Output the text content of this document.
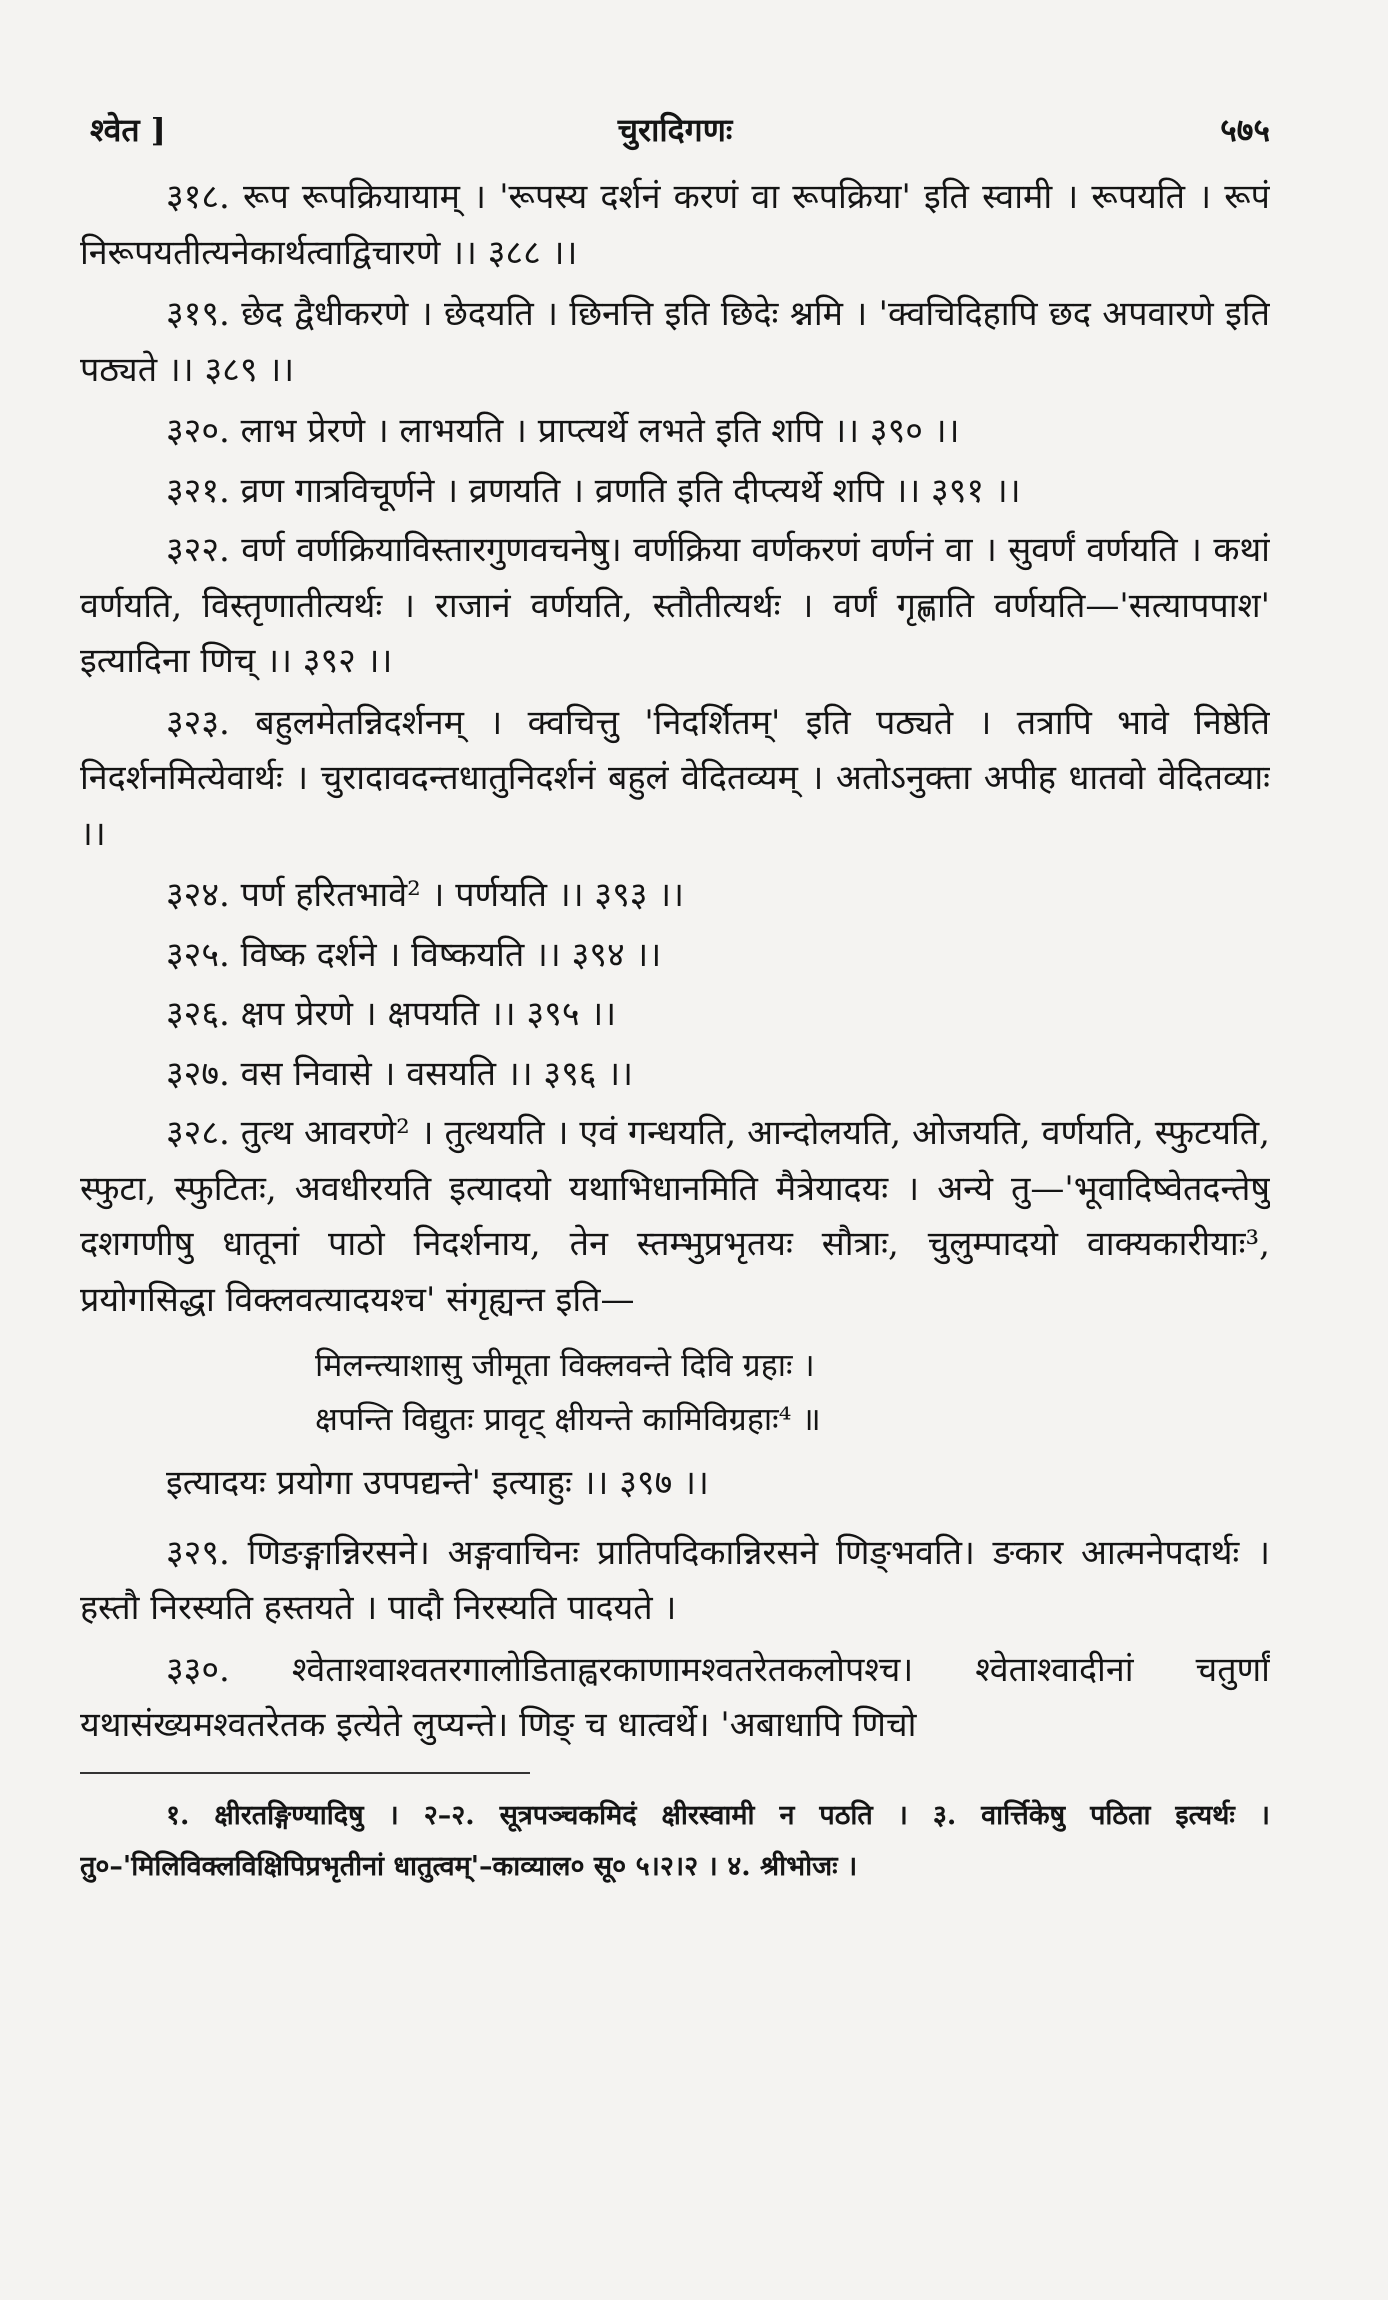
श्वेत ]	चुरादिगणः	५७५

३१८. रूप रूपक्रियायाम् । 'रूपस्य दर्शनं करणं वा रूपक्रिया' इति स्वामी । रूपयति । रूपं निरूपयतीत्यनेकार्थत्वाद्विचारणे ।। ३८८ ।।

३१९. छेद द्वैधीकरणे । छेदयति । छिनत्ति इति छिदेः श्नमि । 'क्वचिदिहापि छद अपवारणे इति पठ्यते ।। ३८९ ।।

३२०. लाभ प्रेरणे । लाभयति । प्राप्त्यर्थे लभते इति शपि ।। ३९० ।।

३२१. व्रण गात्रविचूर्णने । व्रणयति । व्रणति इति दीप्त्यर्थे शपि ।। ३९१ ।।

३२२. वर्ण वर्णक्रियाविस्तारगुणवचनेषु। वर्णक्रिया वर्णकरणं वर्णनं वा । सुवर्णं वर्णयति । कथां वर्णयति, विस्तृणातीत्यर्थः । राजानं वर्णयति, स्तौतीत्यर्थः । वर्णं गृह्णाति वर्णयति—'सत्यापपाश' इत्यादिना णिच् ।। ३९२ ।।

३२३. बहुलमेतन्निदर्शनम् । क्वचित्तु 'निदर्शितम्' इति पठ्यते । तत्रापि भावे निष्ठेति निदर्शनमित्येवार्थः । चुरादावदन्तधातुनिदर्शनं बहुलं वेदितव्यम् । अतोऽनुक्ता अपीह धातवो वेदितव्याः ।।

३२४. पर्ण हरितभावे² । पर्णयति ।। ३९३ ।।

३२५. विष्क दर्शने । विष्कयति ।। ३९४ ।।

३२६. क्षप प्रेरणे । क्षपयति ।। ३९५ ।।

३२७. वस निवासे । वसयति ।। ३९६ ।।

३२८. तुत्थ आवरणे² । तुत्थयति । एवं गन्धयति, आन्दोलयति, ओजयति, वर्णयति, स्फुटयति, स्फुटा, स्फुटितः, अवधीरयति इत्यादयो यथाभिधानमिति मैत्रेयादयः । अन्ये तु—'भूवादिष्वेतदन्तेषु दशगणीषु धातूनां पाठो निदर्शनाय, तेन स्तम्भुप्रभृतयः सौत्राः, चुलुम्पादयो वाक्यकारीयाः³, प्रयोगसिद्धा विक्लवत्यादयश्च' संगृह्यन्त इति—

मिलन्त्याशासु जीमूता विक्लवन्ते दिवि ग्रहाः ।
क्षपन्ति विद्युतः प्रावृट् क्षीयन्ते कामिविग्रहाः⁴ ॥

इत्यादयः प्रयोगा उपपद्यन्ते' इत्याहुः ।। ३९७ ।।

३२९. णिङङ्गान्निरसने। अङ्गवाचिनः प्रातिपदिकान्निरसने णिङ्भवति। ङकार आत्मनेपदार्थः । हस्तौ निरस्यति हस्तयते । पादौ निरस्यति पादयते ।

३३०. श्वेताश्वाश्वतरगालोडिताह्वरकाणामश्वतरेतकलोपश्च। श्वेताश्वादीनां चतुर्णां यथासंख्यमश्वतरेतक इत्येते लुप्यन्ते। णिङ् च धात्वर्थे। 'अबाधापि णिचो

१. क्षीरतङ्गिण्यादिषु । २–२. सूत्रपञ्चकमिदं क्षीरस्वामी न पठति । ३. वार्त्तिकेषु पठिता इत्यर्थः । तु०–'मिलिविक्लविक्षिपिप्रभृतीनां धातुत्वम्'–काव्याल० सू० ५।२।२ । ४. श्रीभोजः ।
